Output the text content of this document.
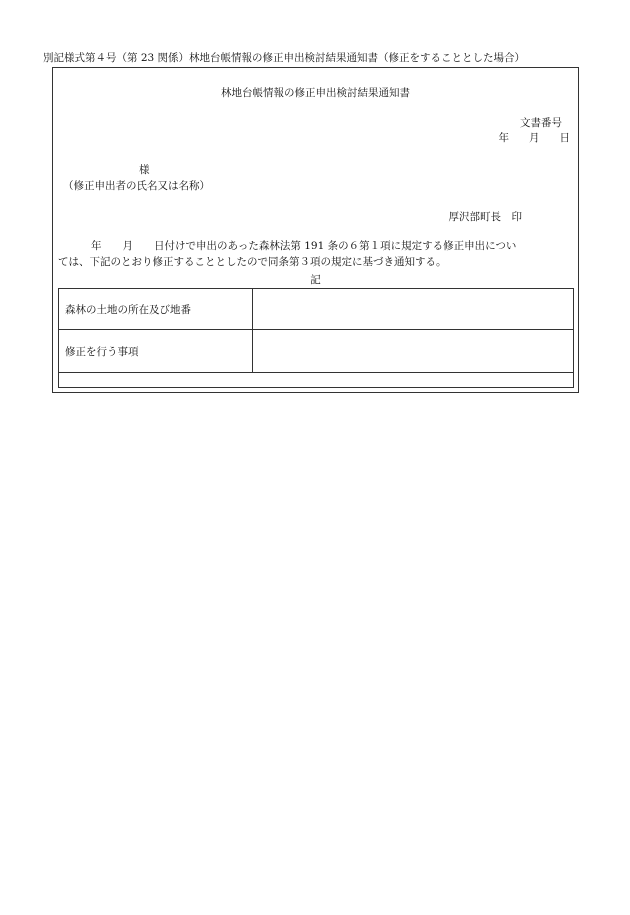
別記様式第４号（第 23 関係）林地台帳情報の修正申出検討結果通知書（修正をすることとした場合）
林地台帳情報の修正申出検討結果通知書
文書番号
年 月 日
様
（修正申出者の氏名又は名称）
厚沢部町長　印
年　　月　　日付けで申出のあった森林法第 191 条の６第１項に規定する修正申出につい
ては、下記のとおり修正することとしたので同条第３項の規定に基づき通知する。
記
森林の土地の所在及び地番	
修正を行う事項	
